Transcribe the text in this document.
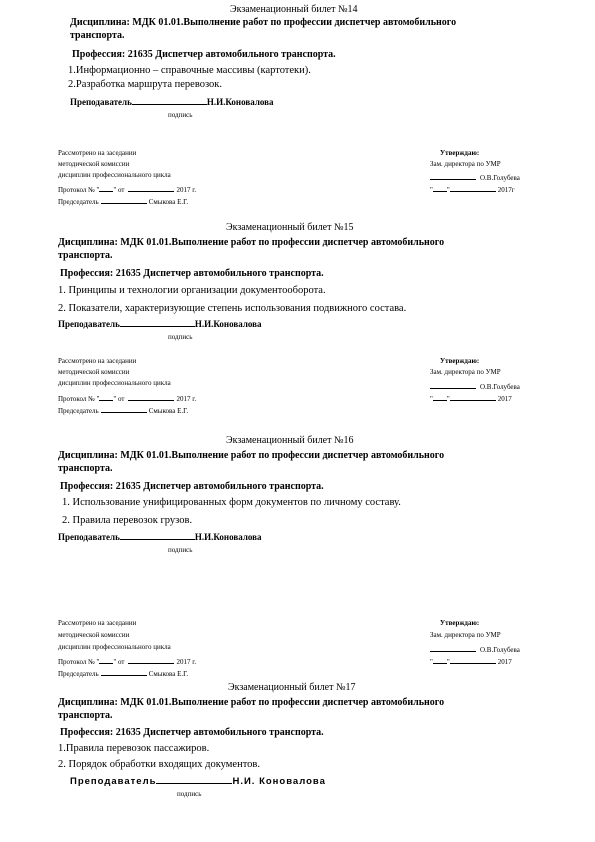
Экзаменационный билет №14
Дисциплина: МДК 01.01.Выполнение работ по профессии диспетчер автомобильного
транспорта.
Профессия: 21635 Диспетчер автомобильного транспорта.
1.Информационно – справочные массивы (картотеки).
2.Разработка маршрута перевозок.
Преподаватель	Н.И.Коновалова
подпись
Рассмотрено на заседании
методической комиссии
дисциплин профессионального цикла
Протокол № " " от	2017 г.
Председатель	Смыкова Е.Г.
Утверждаю:
Зам. директора по УМР
О.В.Голубева
" "	2017г
Экзаменационный билет №15
Дисциплина: МДК 01.01.Выполнение работ по профессии диспетчер автомобильного
транспорта.
Профессия: 21635 Диспетчер автомобильного транспорта.
1. Принципы и технологии организации документооборота.
2. Показатели, характеризующие степень использования подвижного состава.
Преподаватель	Н.И.Коновалова
подпись
Рассмотрено на заседании
методической комиссии
дисциплин профессионального цикла
Протокол № " " от	2017 г.
Председатель	Смыкова Е.Г.
Утверждаю:
Зам. директора по УМР
О.В.Голубева
" "	2017
Экзаменационный билет №16
Дисциплина: МДК 01.01.Выполнение работ по профессии диспетчер автомобильного
транспорта.
Профессия: 21635 Диспетчер автомобильного транспорта.
1. Использование унифицированных форм документов по личному составу.
2. Правила перевозок грузов.
Преподаватель	Н.И.Коновалова
подпись
Рассмотрено на заседании
методической комиссии
дисциплин профессионального цикла
Протокол № " " от	2017 г.
Председатель	Смыкова Е.Г.
Утверждаю:
Зам. директора по УМР
О.В.Голубева
" "	2017
Экзаменационный билет №17
Дисциплина: МДК 01.01.Выполнение работ по профессии диспетчер автомобильного
транспорта.
Профессия: 21635 Диспетчер автомобильного транспорта.
1.Правила перевозок пассажиров.
2. Порядок обработки входящих документов.
Преподаватель	Н.И. Коновалова
подпись
